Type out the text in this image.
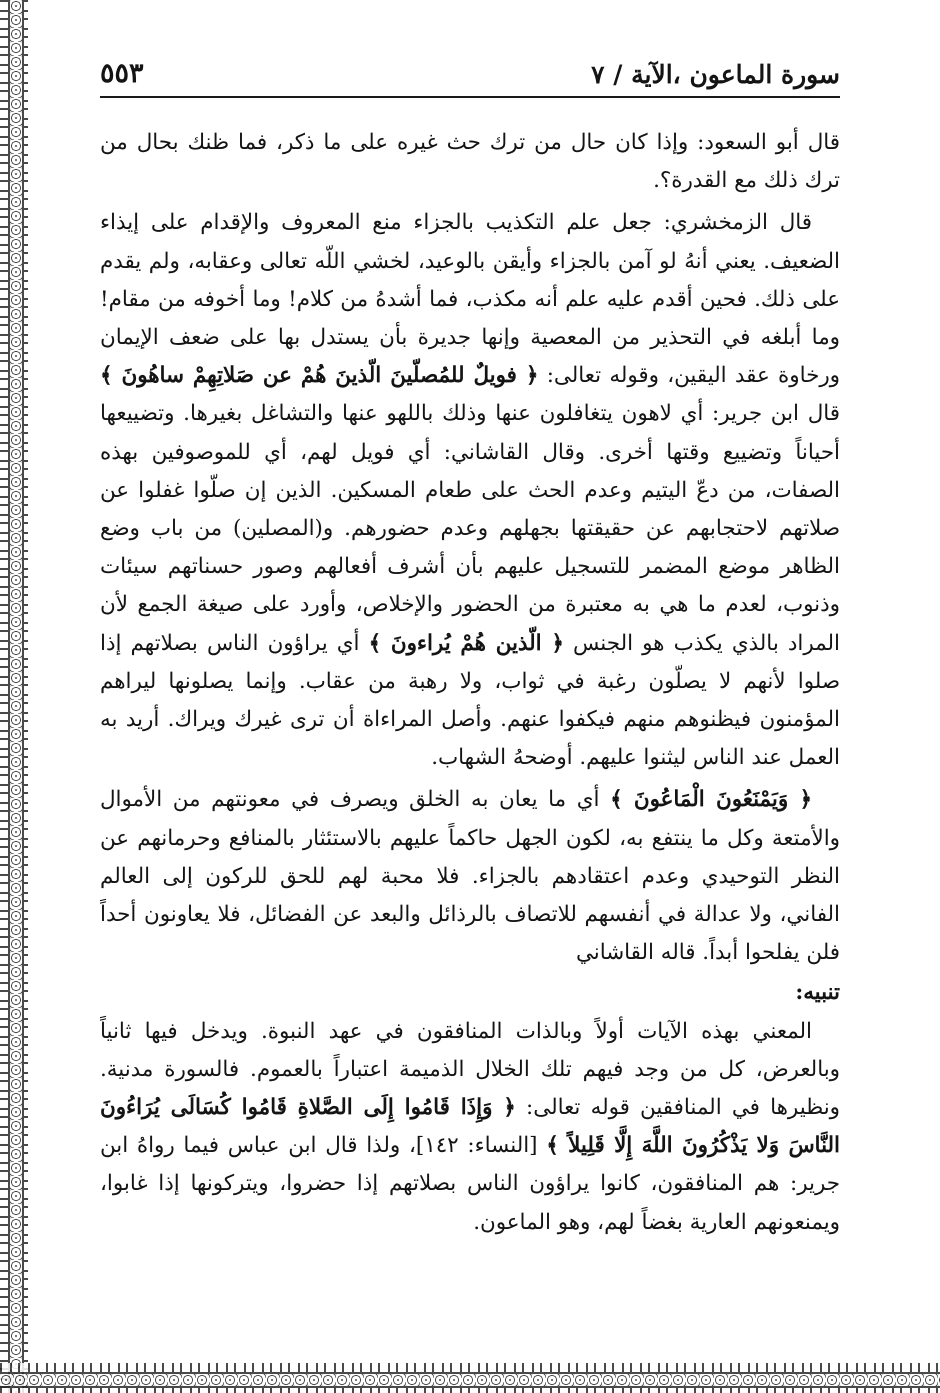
سورة الماعون ،الآية / ٧
٥٥٣

قال أبو السعود: وإذا كان حال من ترك حث غيره على ما ذكر، فما ظنك بحال من ترك ذلك مع القدرة؟.

قال الزمخشري: جعل علم التكذيب بالجزاء منع المعروف والإقدام على إيذاء الضعيف. يعني أنهُ لو آمن بالجزاء وأيقن بالوعيد، لخشي اللّه تعالى وعقابه، ولم يقدم على ذلك. فحين أقدم عليه علم أنه مكذب، فما أشدهُ من كلام! وما أخوفه من مقام! وما أبلغه في التحذير من المعصية وإنها جديرة بأن يستدل بها على ضعف الإيمان ورخاوة عقد اليقين، وقوله تعالى: ﴿ فويلٌ للمُصلّينَ الّذينَ هُمْ عن صَلاتِهِمْ ساهُونَ ﴾ قال ابن جرير: أي لاهون يتغافلون عنها وذلك باللهو عنها والتشاغل بغيرها. وتضييعها أحياناً وتضييع وقتها أخرى. وقال القاشاني: أي فويل لهم، أي للموصوفين بهذه الصفات، من دعّ اليتيم وعدم الحث على طعام المسكين. الذين إن صلّوا غفلوا عن صلاتهم لاحتجابهم عن حقيقتها بجهلهم وعدم حضورهم. و(المصلين) من باب وضع الظاهر موضع المضمر للتسجيل عليهم بأن أشرف أفعالهم وصور حسناتهم سيئات وذنوب، لعدم ما هي به معتبرة من الحضور والإخلاص، وأورد على صيغة الجمع لأن المراد بالذي يكذب هو الجنس ﴿ الّذين هُمْ يُراءونَ ﴾ أي يراؤون الناس بصلاتهم إذا صلوا لأنهم لا يصلّون رغبة في ثواب، ولا رهبة من عقاب. وإنما يصلونها ليراهم المؤمنون فيظنوهم منهم فيكفوا عنهم. وأصل المراءاة أن ترى غيرك ويراك. أريد به العمل عند الناس ليثنوا عليهم. أوضحهُ الشهاب.

﴿ وَيَمْنَعُونَ الْمَاعُونَ ﴾ أي ما يعان به الخلق ويصرف في معونتهم من الأموال والأمتعة وكل ما ينتفع به، لكون الجهل حاكماً عليهم بالاستئثار بالمنافع وحرمانهم عن النظر التوحيدي وعدم اعتقادهم بالجزاء. فلا محبة لهم للحق للركون إلى العالم الفاني، ولا عدالة في أنفسهم للاتصاف بالرذائل والبعد عن الفضائل، فلا يعاونون أحداً فلن يفلحوا أبداً. قاله القاشاني

تنبيه:

المعني بهذه الآيات أولاً وبالذات المنافقون في عهد النبوة. ويدخل فيها ثانياً وبالعرض، كل من وجد فيهم تلك الخلال الذميمة اعتباراً بالعموم. فالسورة مدنية. ونظيرها في المنافقين قوله تعالى: ﴿ وَإِذَا قَامُوا إِلَى الصَّلاةِ قَامُوا كُسَالَى يُرَاءُونَ النَّاسَ وَلا يَذْكُرُونَ اللَّهَ إِلَّا قَلِيلاً ﴾ [النساء: ١٤٢]، ولذا قال ابن عباس فيما رواهُ ابن جرير: هم المنافقون، كانوا يراؤون الناس بصلاتهم إذا حضروا، ويتركونها إذا غابوا، ويمنعونهم العارية بغضاً لهم، وهو الماعون.
